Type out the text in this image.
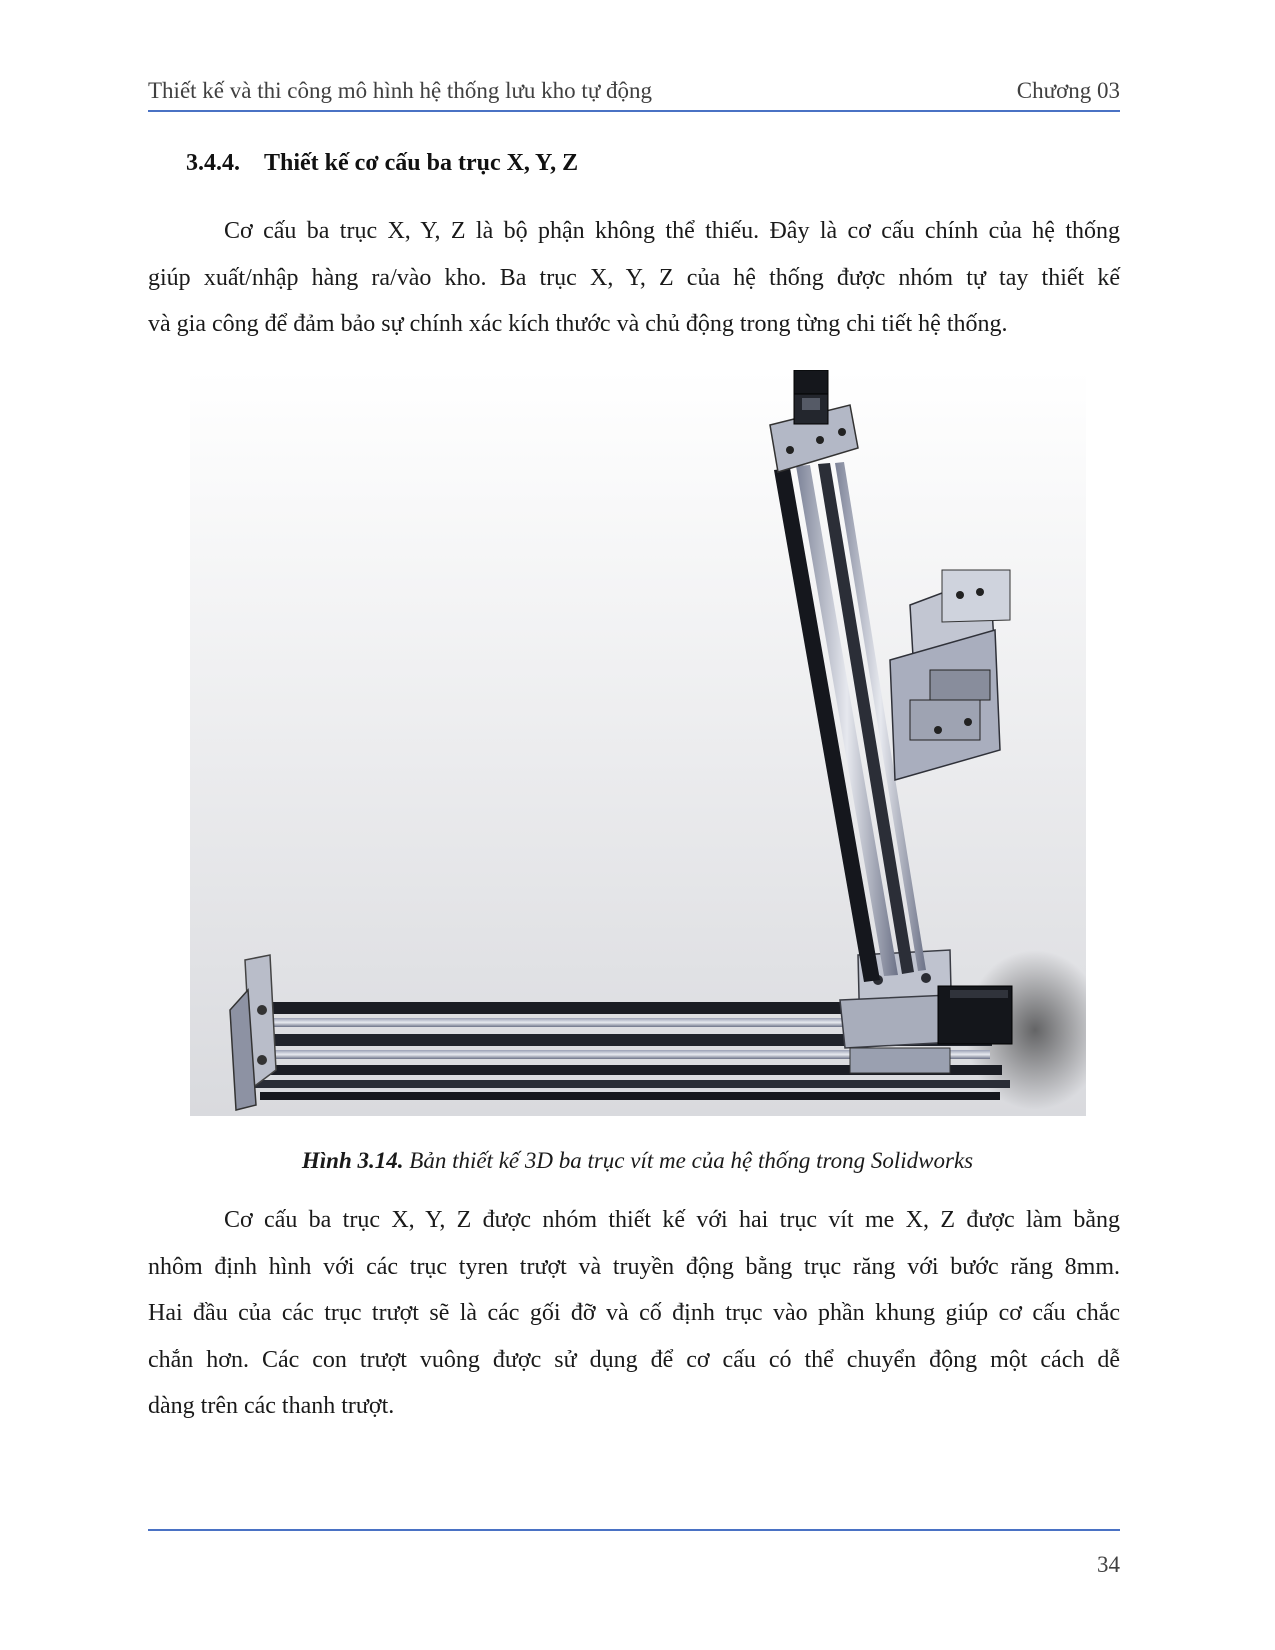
Thiết kế và thi công mô hình hệ thống lưu kho tự động	Chương 03
3.4.4. Thiết kế cơ cấu ba trục X, Y, Z
Cơ cấu ba trục X, Y, Z là bộ phận không thể thiếu. Đây là cơ cấu chính của hệ thống
giúp xuất/nhập hàng ra/vào kho. Ba trục X, Y, Z của hệ thống được nhóm tự tay thiết kế
và gia công để đảm bảo sự chính xác kích thước và chủ động trong từng chi tiết hệ thống.
Hình 3.14. Bản thiết kế 3D ba trục vít me của hệ thống trong Solidworks
Cơ cấu ba trục X, Y, Z được nhóm thiết kế với hai trục vít me X, Z được làm bằng
nhôm định hình với các trục tyren trượt và truyền động bằng trục răng với bước răng 8mm.
Hai đầu của các trục trượt sẽ là các gối đỡ và cố định trục vào phần khung giúp cơ cấu chắc
chắn hơn. Các con trượt vuông được sử dụng để cơ cấu có thể chuyển động một cách dễ
dàng trên các thanh trượt.
34
